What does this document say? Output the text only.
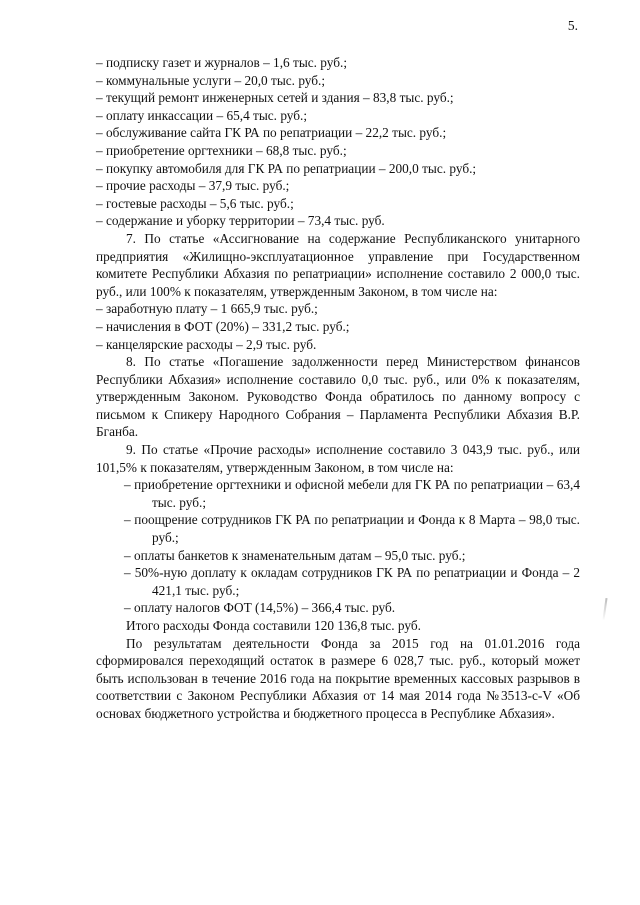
5.

– подписку газет и журналов – 1,6 тыс. руб.;

– коммунальные услуги – 20,0 тыс. руб.;

– текущий ремонт инженерных сетей и здания – 83,8 тыс. руб.;

– оплату инкассации – 65,4 тыс. руб.;

– обслуживание сайта ГК РА по репатриации – 22,2 тыс. руб.;

– приобретение оргтехники – 68,8 тыс. руб.;

– покупку автомобиля для ГК РА по репатриации – 200,0 тыс. руб.;

– прочие расходы – 37,9 тыс. руб.;

– гостевые расходы – 5,6 тыс. руб.;

– содержание и уборку территории – 73,4 тыс. руб.

7. По статье «Ассигнование на содержание Республиканского унитарного предприятия «Жилищно-эксплуатационное управление при Государственном комитете Республики Абхазия по репатриации» исполнение составило 2 000,0 тыс. руб., или 100% к показателям, утвержденным Законом, в том числе на:

– заработную плату – 1 665,9 тыс. руб.;

– начисления в ФОТ (20%) – 331,2 тыс. руб.;

– канцелярские расходы – 2,9 тыс. руб.

8. По статье «Погашение задолженности перед Министерством финансов Республики Абхазия» исполнение составило 0,0 тыс. руб., или 0% к показателям, утвержденным Законом. Руководство Фонда обратилось по данному вопросу с письмом к Спикеру Народного Собрания – Парламента Республики Абхазия В.Р. Бганба.

9. По статье «Прочие расходы» исполнение составило 3 043,9 тыс. руб., или 101,5% к показателям, утвержденным Законом, в том числе на:

– приобретение оргтехники и офисной мебели для ГК РА по репатриации – 63,4 тыс. руб.;

– поощрение сотрудников ГК РА по репатриации и Фонда к 8 Марта – 98,0 тыс. руб.;

– оплаты банкетов к знаменательным датам – 95,0 тыс. руб.;

– 50%-ную доплату к окладам сотрудников ГК РА по репатриации и Фонда – 2 421,1 тыс. руб.;

– оплату налогов ФОТ (14,5%) – 366,4 тыс. руб.

Итого расходы Фонда составили 120 136,8 тыс. руб.

По результатам деятельности Фонда за 2015 год на 01.01.2016 года сформировался переходящий остаток в размере 6 028,7 тыс. руб., который может быть использован в течение 2016 года на покрытие временных кассовых разрывов в соответствии с Законом Республики Абхазия от 14 мая 2014 года №3513-с-V «Об основах бюджетного устройства и бюджетного процесса в Республике Абхазия».
